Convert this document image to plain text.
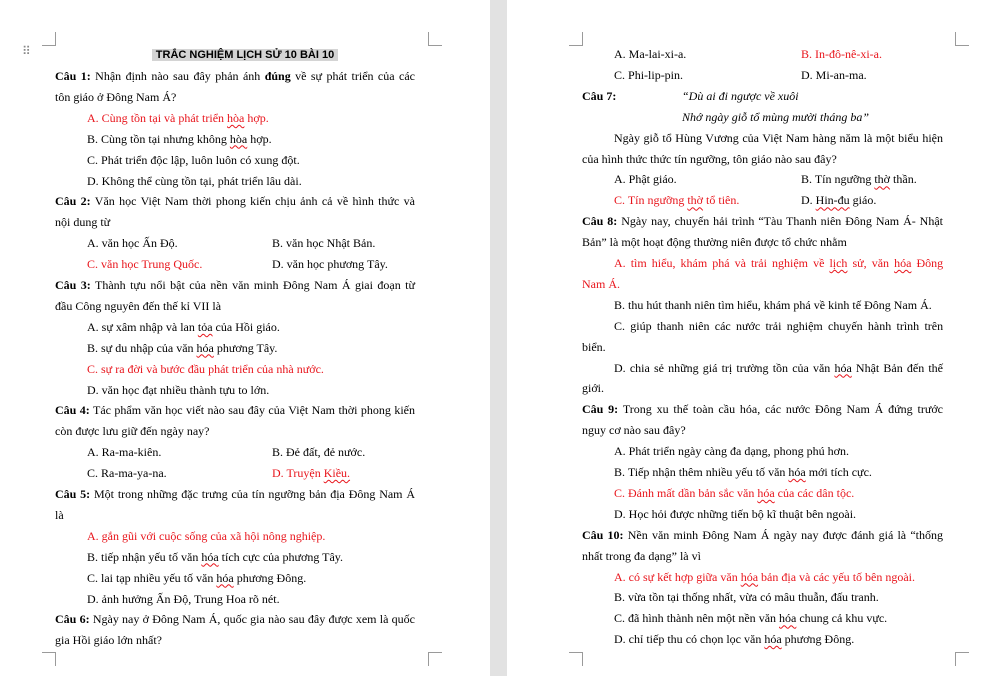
⠿	TRẮC NGHIỆM LỊCH SỬ 10 BÀI 10
Câu 1: Nhận định nào sau đây phản ánh đúng về sự phát triển của các
tôn giáo ở Đông Nam Á?
A. Cùng tồn tại và phát triển hòa hợp.
B. Cùng tồn tại nhưng không hòa hợp.
C. Phát triển độc lập, luôn luôn có xung đột.
D. Không thể cùng tồn tại, phát triển lâu dài.
Câu 2: Văn học Việt Nam thời phong kiến chịu ảnh cả về hình thức và
nội dung từ
A. văn học Ấn Độ.	B. văn học Nhật Bản.
C. văn học Trung Quốc.	D. văn học phương Tây.
Câu 3: Thành tựu nổi bật của nền văn minh Đông Nam Á giai đoạn từ
đầu Công nguyên đến thế kỉ VII là
A. sự xâm nhập và lan tỏa của Hồi giáo.
B. sự du nhập của văn hóa phương Tây.
C. sự ra đời và bước đầu phát triển của nhà nước.
D. văn học đạt nhiều thành tựu to lớn.
Câu 4: Tác phẩm văn học viết nào sau đây của Việt Nam thời phong kiến
còn được lưu giữ đến ngày nay?
A. Ra-ma-kiên.	B. Đẻ đất, đẻ nước.
C. Ra-ma-ya-na.	D. Truyện Kiều.
Câu 5: Một trong những đặc trưng của tín ngưỡng bản địa Đông Nam Á
là
A. gắn gũi với cuộc sống của xã hội nông nghiệp.
B. tiếp nhận yếu tố văn hóa tích cực của phương Tây.
C. lai tạp nhiều yếu tố văn hóa phương Đông.
D. ảnh hưởng Ấn Độ, Trung Hoa rõ nét.
Câu 6: Ngày nay ở Đông Nam Á, quốc gia nào sau đây được xem là quốc
gia Hồi giáo lớn nhất?
A. Ma-lai-xi-a.	B. In-đô-nê-xi-a.
C. Phi-lip-pin.	D. Mi-an-ma.
Câu 7:	“Dù ai đi ngược về xuôi
Nhớ ngày giỗ tổ mùng mười tháng ba”
Ngày giỗ tổ Hùng Vương của Việt Nam hàng năm là một biểu hiện
của hình thức thức tín ngưỡng, tôn giáo nào sau đây?
A. Phật giáo.	B. Tín ngưỡng thờ thần.
C. Tín ngưỡng thờ tổ tiên.	D. Hin-đu giáo.
Câu 8: Ngày nay, chuyến hải trình “Tàu Thanh niên Đông Nam Á- Nhật
Bản” là một hoạt động thường niên được tổ chức nhằm
A. tìm hiểu, khám phá và trải nghiệm về lịch sử, văn hóa Đông
Nam Á.
B. thu hút thanh niên tìm hiểu, khám phá về kinh tế Đông Nam Á.
C. giúp thanh niên các nước trải nghiệm chuyến hành trình trên
biển.
D. chia sẻ những giá trị trường tồn của văn hóa Nhật Bản đến thế
giới.
Câu 9: Trong xu thế toàn cầu hóa, các nước Đông Nam Á đứng trước
nguy cơ nào sau đây?
A. Phát triển ngày càng đa dạng, phong phú hơn.
B. Tiếp nhận thêm nhiều yếu tố văn hóa mới tích cực.
C. Đánh mất dần bản sắc văn hóa của các dân tộc.
D. Học hỏi được những tiến bộ kĩ thuật bên ngoài.
Câu 10: Nền văn minh Đông Nam Á ngày nay được đánh giá là “thống
nhất trong đa dạng” là vì
A. có sự kết hợp giữa văn hóa bản địa và các yếu tố bên ngoài.
B. vừa tồn tại thống nhất, vừa có mâu thuẫn, đấu tranh.
C. đã hình thành nên một nền văn hóa chung cả khu vực.
D. chỉ tiếp thu có chọn lọc văn hóa phương Đông.
